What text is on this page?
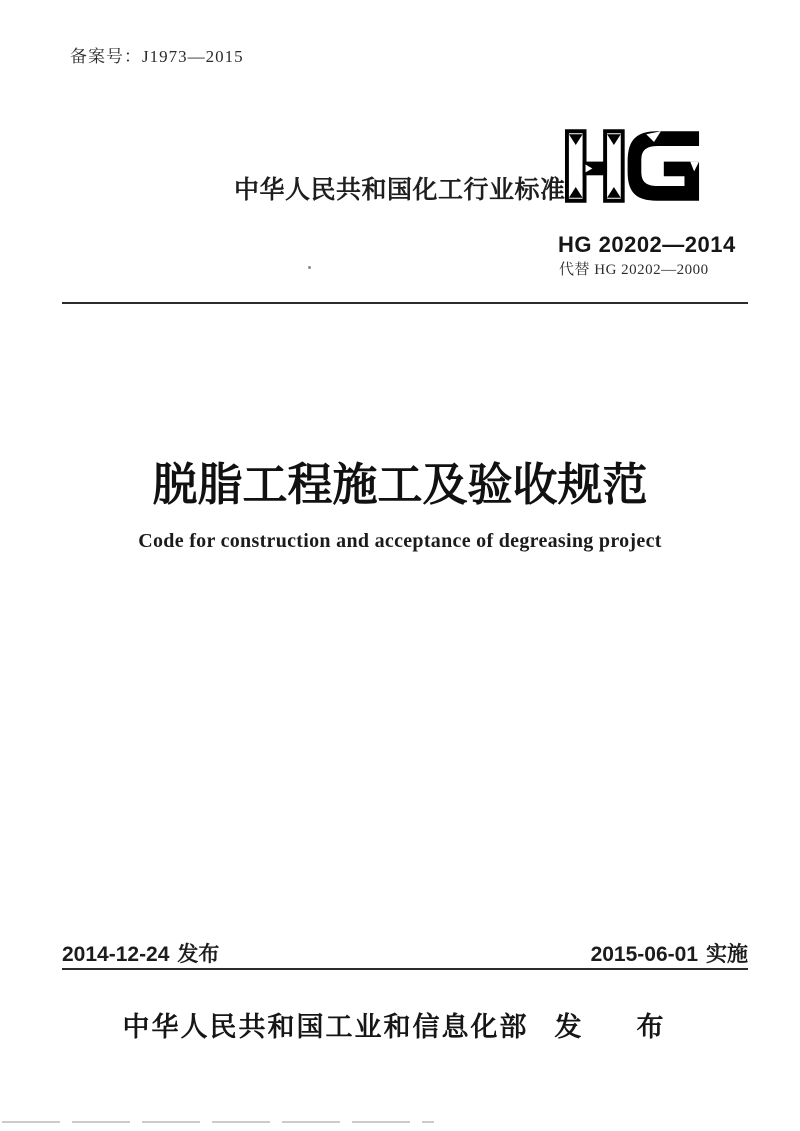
备案号：J1973—2015
中华人民共和国化工行业标准
HG 20202—2014
代替 HG 20202—2000
脱脂工程施工及验收规范
Code for construction and acceptance of degreasing project
2014-12-24 发布	2015-06-01 实施
中华人民共和国工业和信息化部 发　布
